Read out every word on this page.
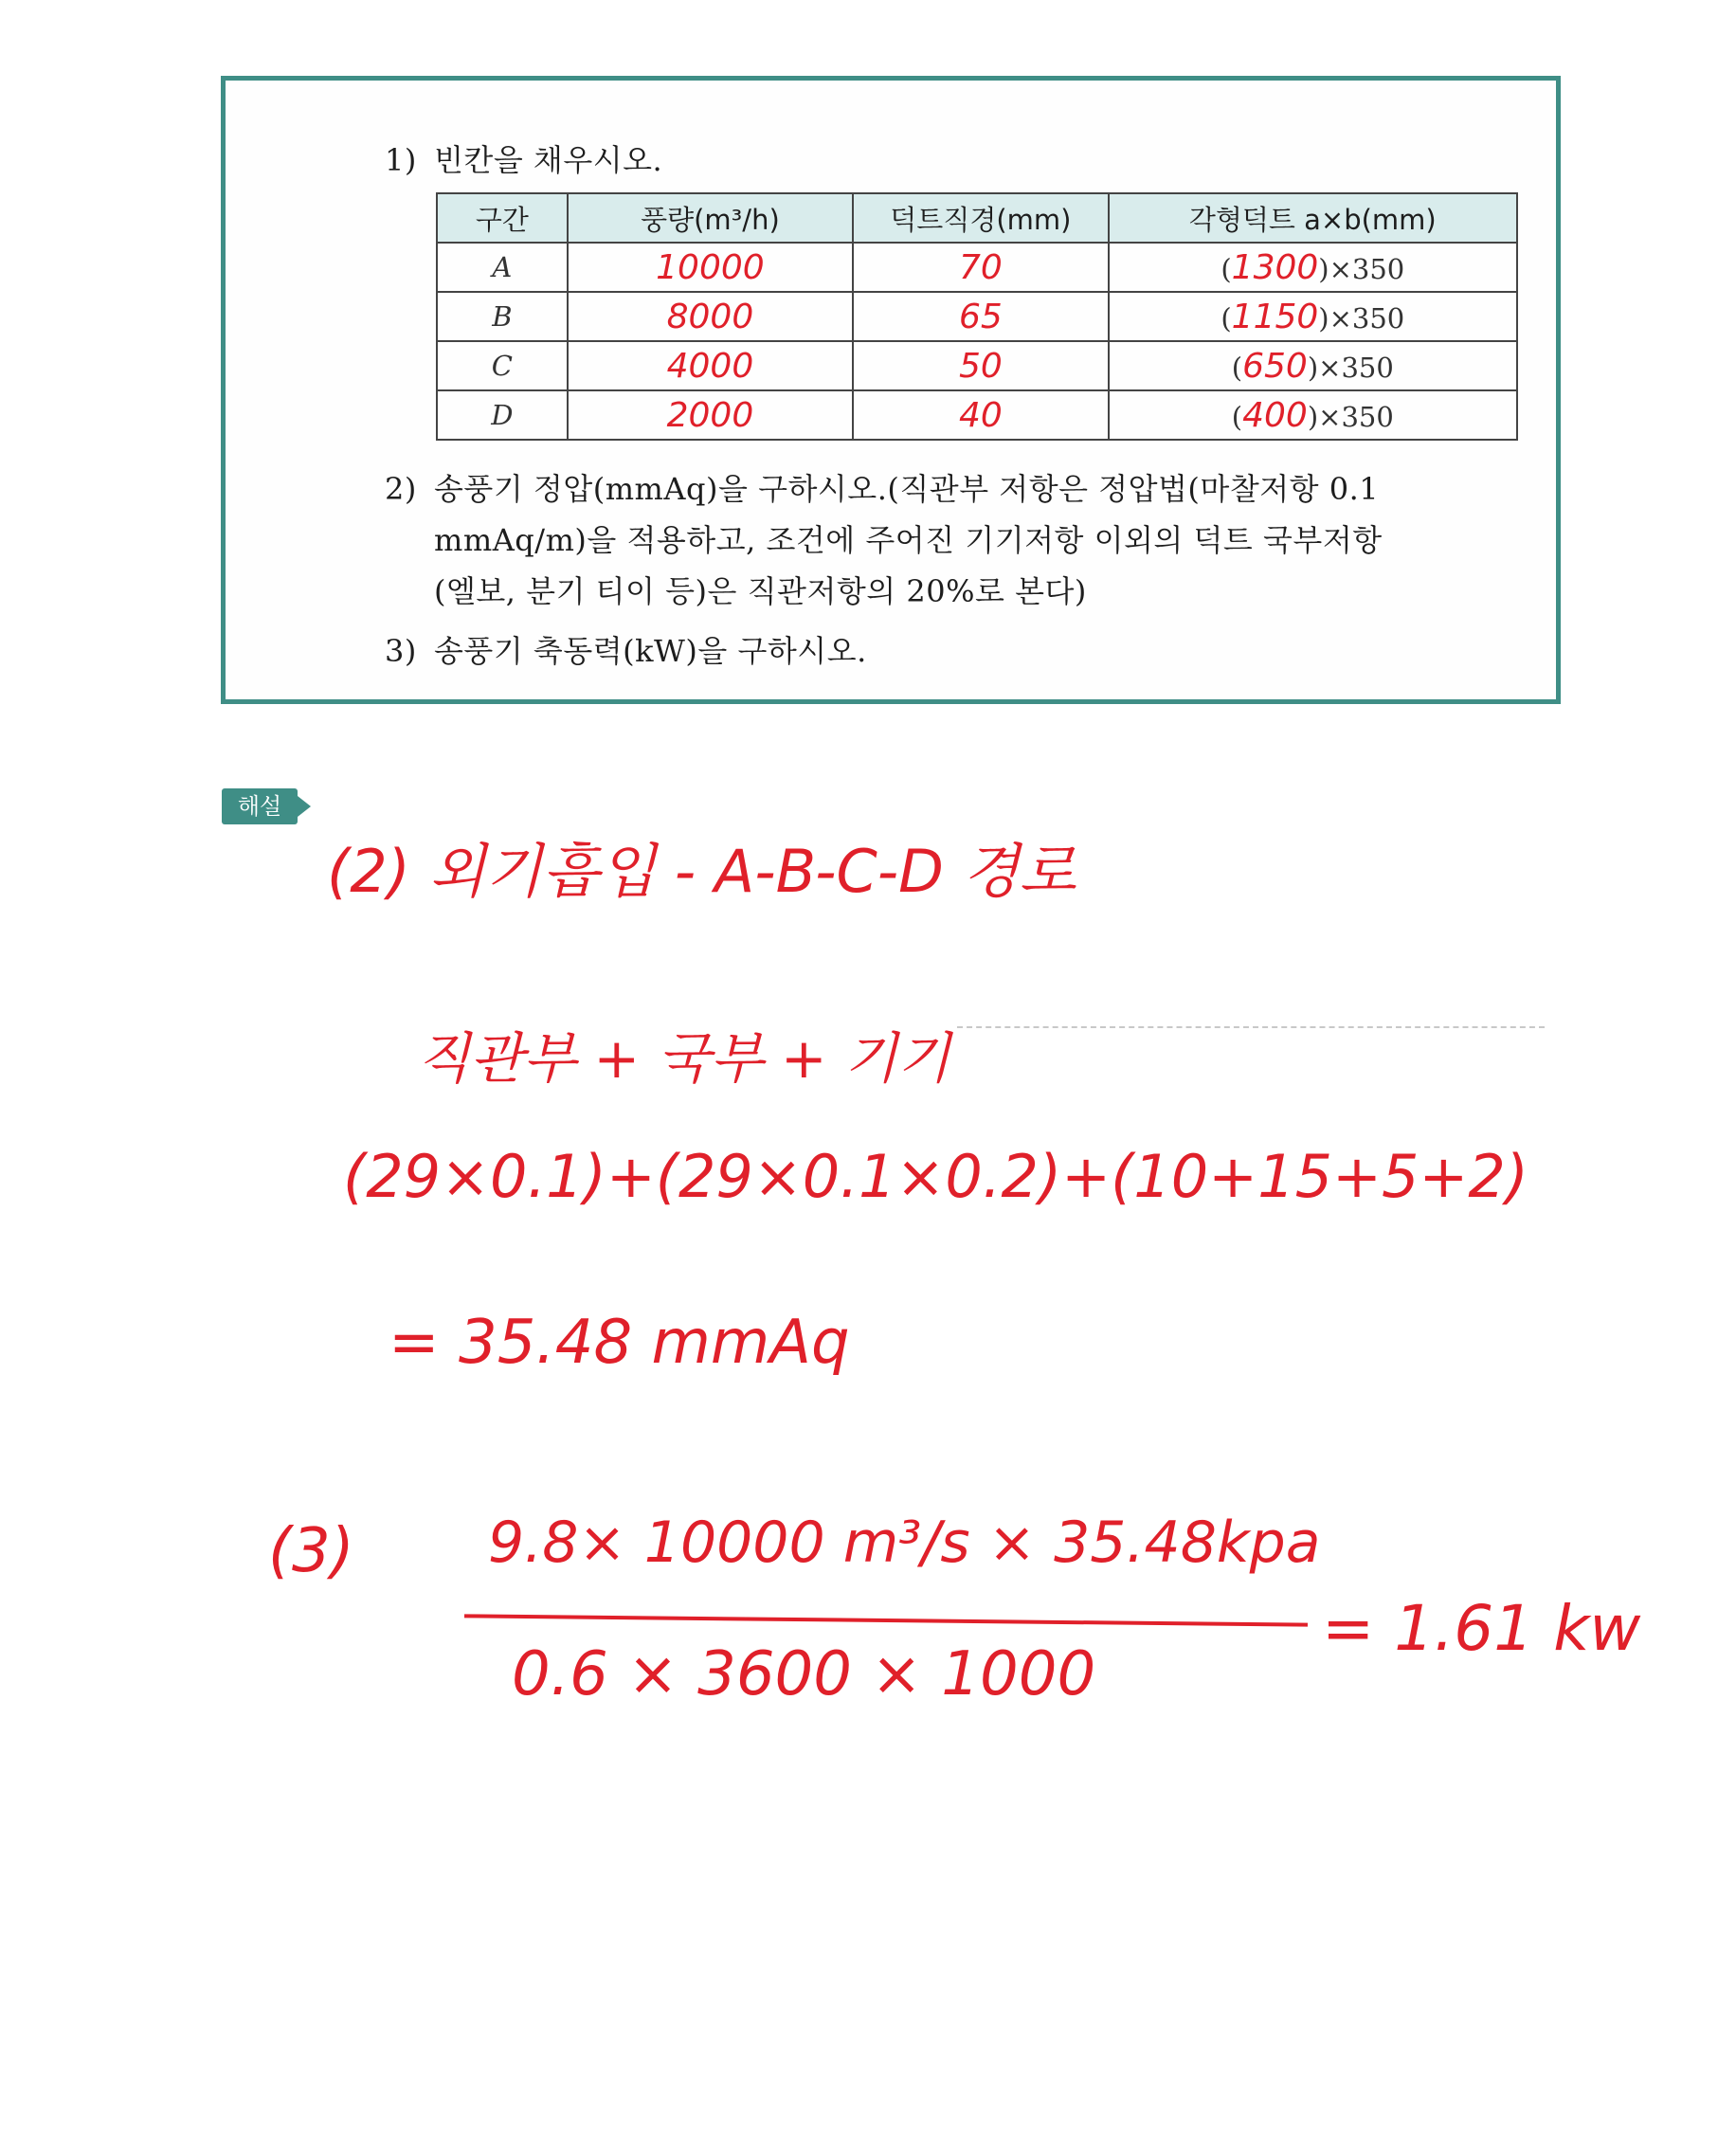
1) 빈칸을 채우시오.
구간	풍량(m³/h)	덕트직경(mm)	각형덕트 a×b(mm)
A	10000	70	(1300)×350
B	8000	65	(1150)×350
C	4000	50	(650)×350
D	2000	40	(400)×350
2) 송풍기 정압(mmAq)을 구하시오.(직관부 저항은 정압법(마찰저항 0.1
mmAq/m)을 적용하고, 조건에 주어진 기기저항 이외의 덕트 국부저항
(엘보, 분기 티이 등)은 직관저항의 20%로 본다)
3) 송풍기 축동력(kW)을 구하시오.
해설
(2) 외기흡입 - A-B-C-D 경로
직관부 + 국부 + 기기
(29×0.1)+(29×0.1×0.2)+(10+15+5+2)
= 35.48 mmAq
(3) 9.8× 10000 m³/s × 35.48kpa
0.6 × 3600 × 1000
= 1.61 kw
